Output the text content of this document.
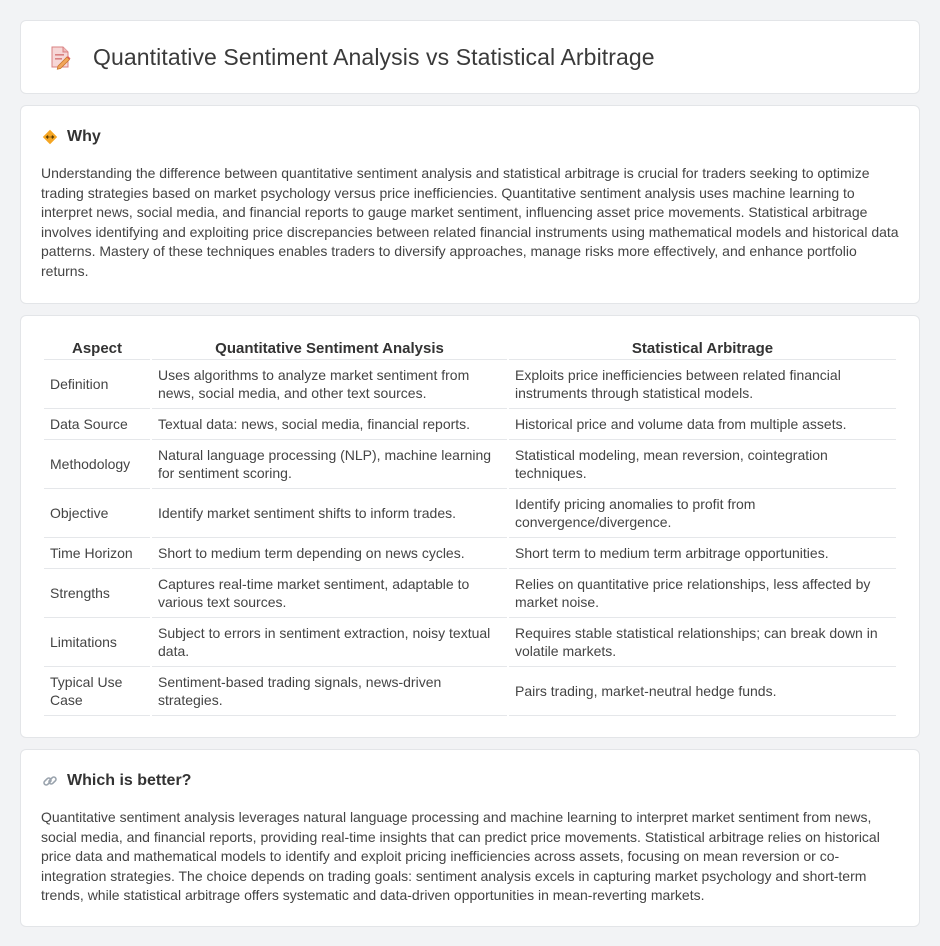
Quantitative Sentiment Analysis vs Statistical Arbitrage
Why

Understanding the difference between quantitative sentiment analysis and statistical arbitrage is crucial for traders seeking to optimize trading strategies based on market psychology versus price inefficiencies. Quantitative sentiment analysis uses machine learning to interpret news, social media, and financial reports to gauge market sentiment, influencing asset price movements. Statistical arbitrage involves identifying and exploiting price discrepancies between related financial instruments using mathematical models and historical data patterns. Mastery of these techniques enables traders to diversify approaches, manage risks more effectively, and enhance portfolio returns.

Aspect	Quantitative Sentiment Analysis	Statistical Arbitrage
Definition	Uses algorithms to analyze market sentiment from news, social media, and other text sources.	Exploits price inefficiencies between related financial instruments through statistical models.
Data Source	Textual data: news, social media, financial reports.	Historical price and volume data from multiple assets.
Methodology	Natural language processing (NLP), machine learning for sentiment scoring.	Statistical modeling, mean reversion, cointegration techniques.
Objective	Identify market sentiment shifts to inform trades.	Identify pricing anomalies to profit from convergence/divergence.
Time Horizon	Short to medium term depending on news cycles.	Short term to medium term arbitrage opportunities.
Strengths	Captures real-time market sentiment, adaptable to various text sources.	Relies on quantitative price relationships, less affected by market noise.
Limitations	Subject to errors in sentiment extraction, noisy textual data.	Requires stable statistical relationships; can break down in volatile markets.
Typical Use Case	Sentiment-based trading signals, news-driven strategies.	Pairs trading, market-neutral hedge funds.
Which is better?

Quantitative sentiment analysis leverages natural language processing and machine learning to interpret market sentiment from news, social media, and financial reports, providing real-time insights that can predict price movements. Statistical arbitrage relies on historical price data and mathematical models to identify and exploit pricing inefficiencies across assets, focusing on mean reversion or co-integration strategies. The choice depends on trading goals: sentiment analysis excels in capturing market psychology and short-term trends, while statistical arbitrage offers systematic and data-driven opportunities in mean-reverting markets.
